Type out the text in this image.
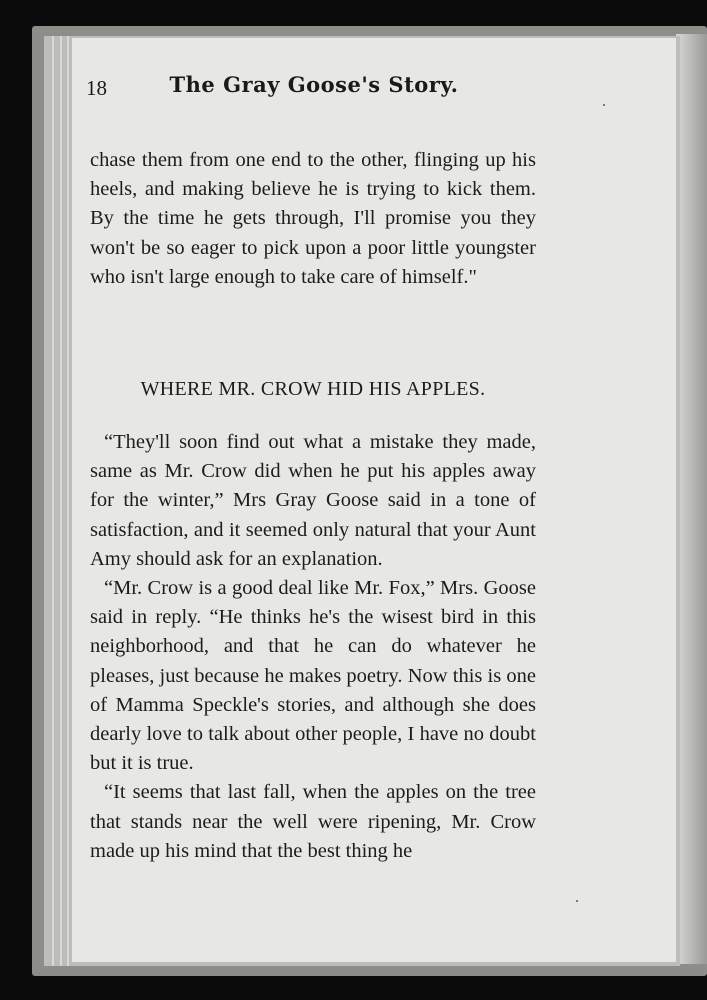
18	The Gray Goose's Story.

chase them from one end to the other, flinging up his heels, and making believe he is trying to kick them. By the time he gets through, I'll promise you they won't be so eager to pick upon a poor little youngster who isn't large enough to take care of himself."

WHERE MR. CROW HID HIS APPLES.

“They'll soon find out what a mistake they made, same as Mr. Crow did when he put his apples away for the winter,” Mrs Gray Goose said in a tone of satisfaction, and it seemed only natural that your Aunt Amy should ask for an explanation.

“Mr. Crow is a good deal like Mr. Fox,” Mrs. Goose said in reply. “He thinks he's the wisest bird in this neighborhood, and that he can do whatever he pleases, just because he makes poetry. Now this is one of Mamma Speckle's stories, and although she does dearly love to talk about other people, I have no doubt but it is true.

“It seems that last fall, when the apples on the tree that stands near the well were ripening, Mr. Crow made up his mind that the best thing he
